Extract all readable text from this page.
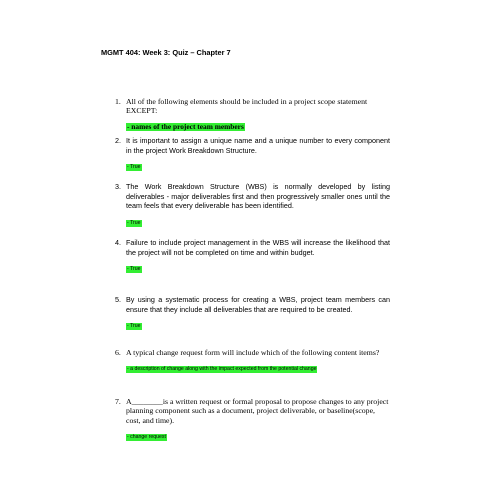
MGMT 404: Week 3: Quiz – Chapter 7
1. All of the following elements should be included in a project scope statement EXCEPT:
- names of the project team members
2. It is important to assign a unique name and a unique number to every component in the project Work Breakdown Structure.
- True
3. The Work Breakdown Structure (WBS) is normally developed by listing deliverables - major deliverables first and then progressively smaller ones until the team feels that every deliverable has been identified.
- True
4. Failure to include project management in the WBS will increase the likelihood that the project will not be completed on time and within budget.
- True
5. By using a systematic process for creating a WBS, project team members can ensure that they include all deliverables that are required to be created.
- True
6. A typical change request form will include which of the following content items?
- a description of change along with the impact expected from the potential change
7. A________is a written request or formal proposal to propose changes to any project planning component such as a document, project deliverable, or baseline(scope, cost, and time).
- change request
